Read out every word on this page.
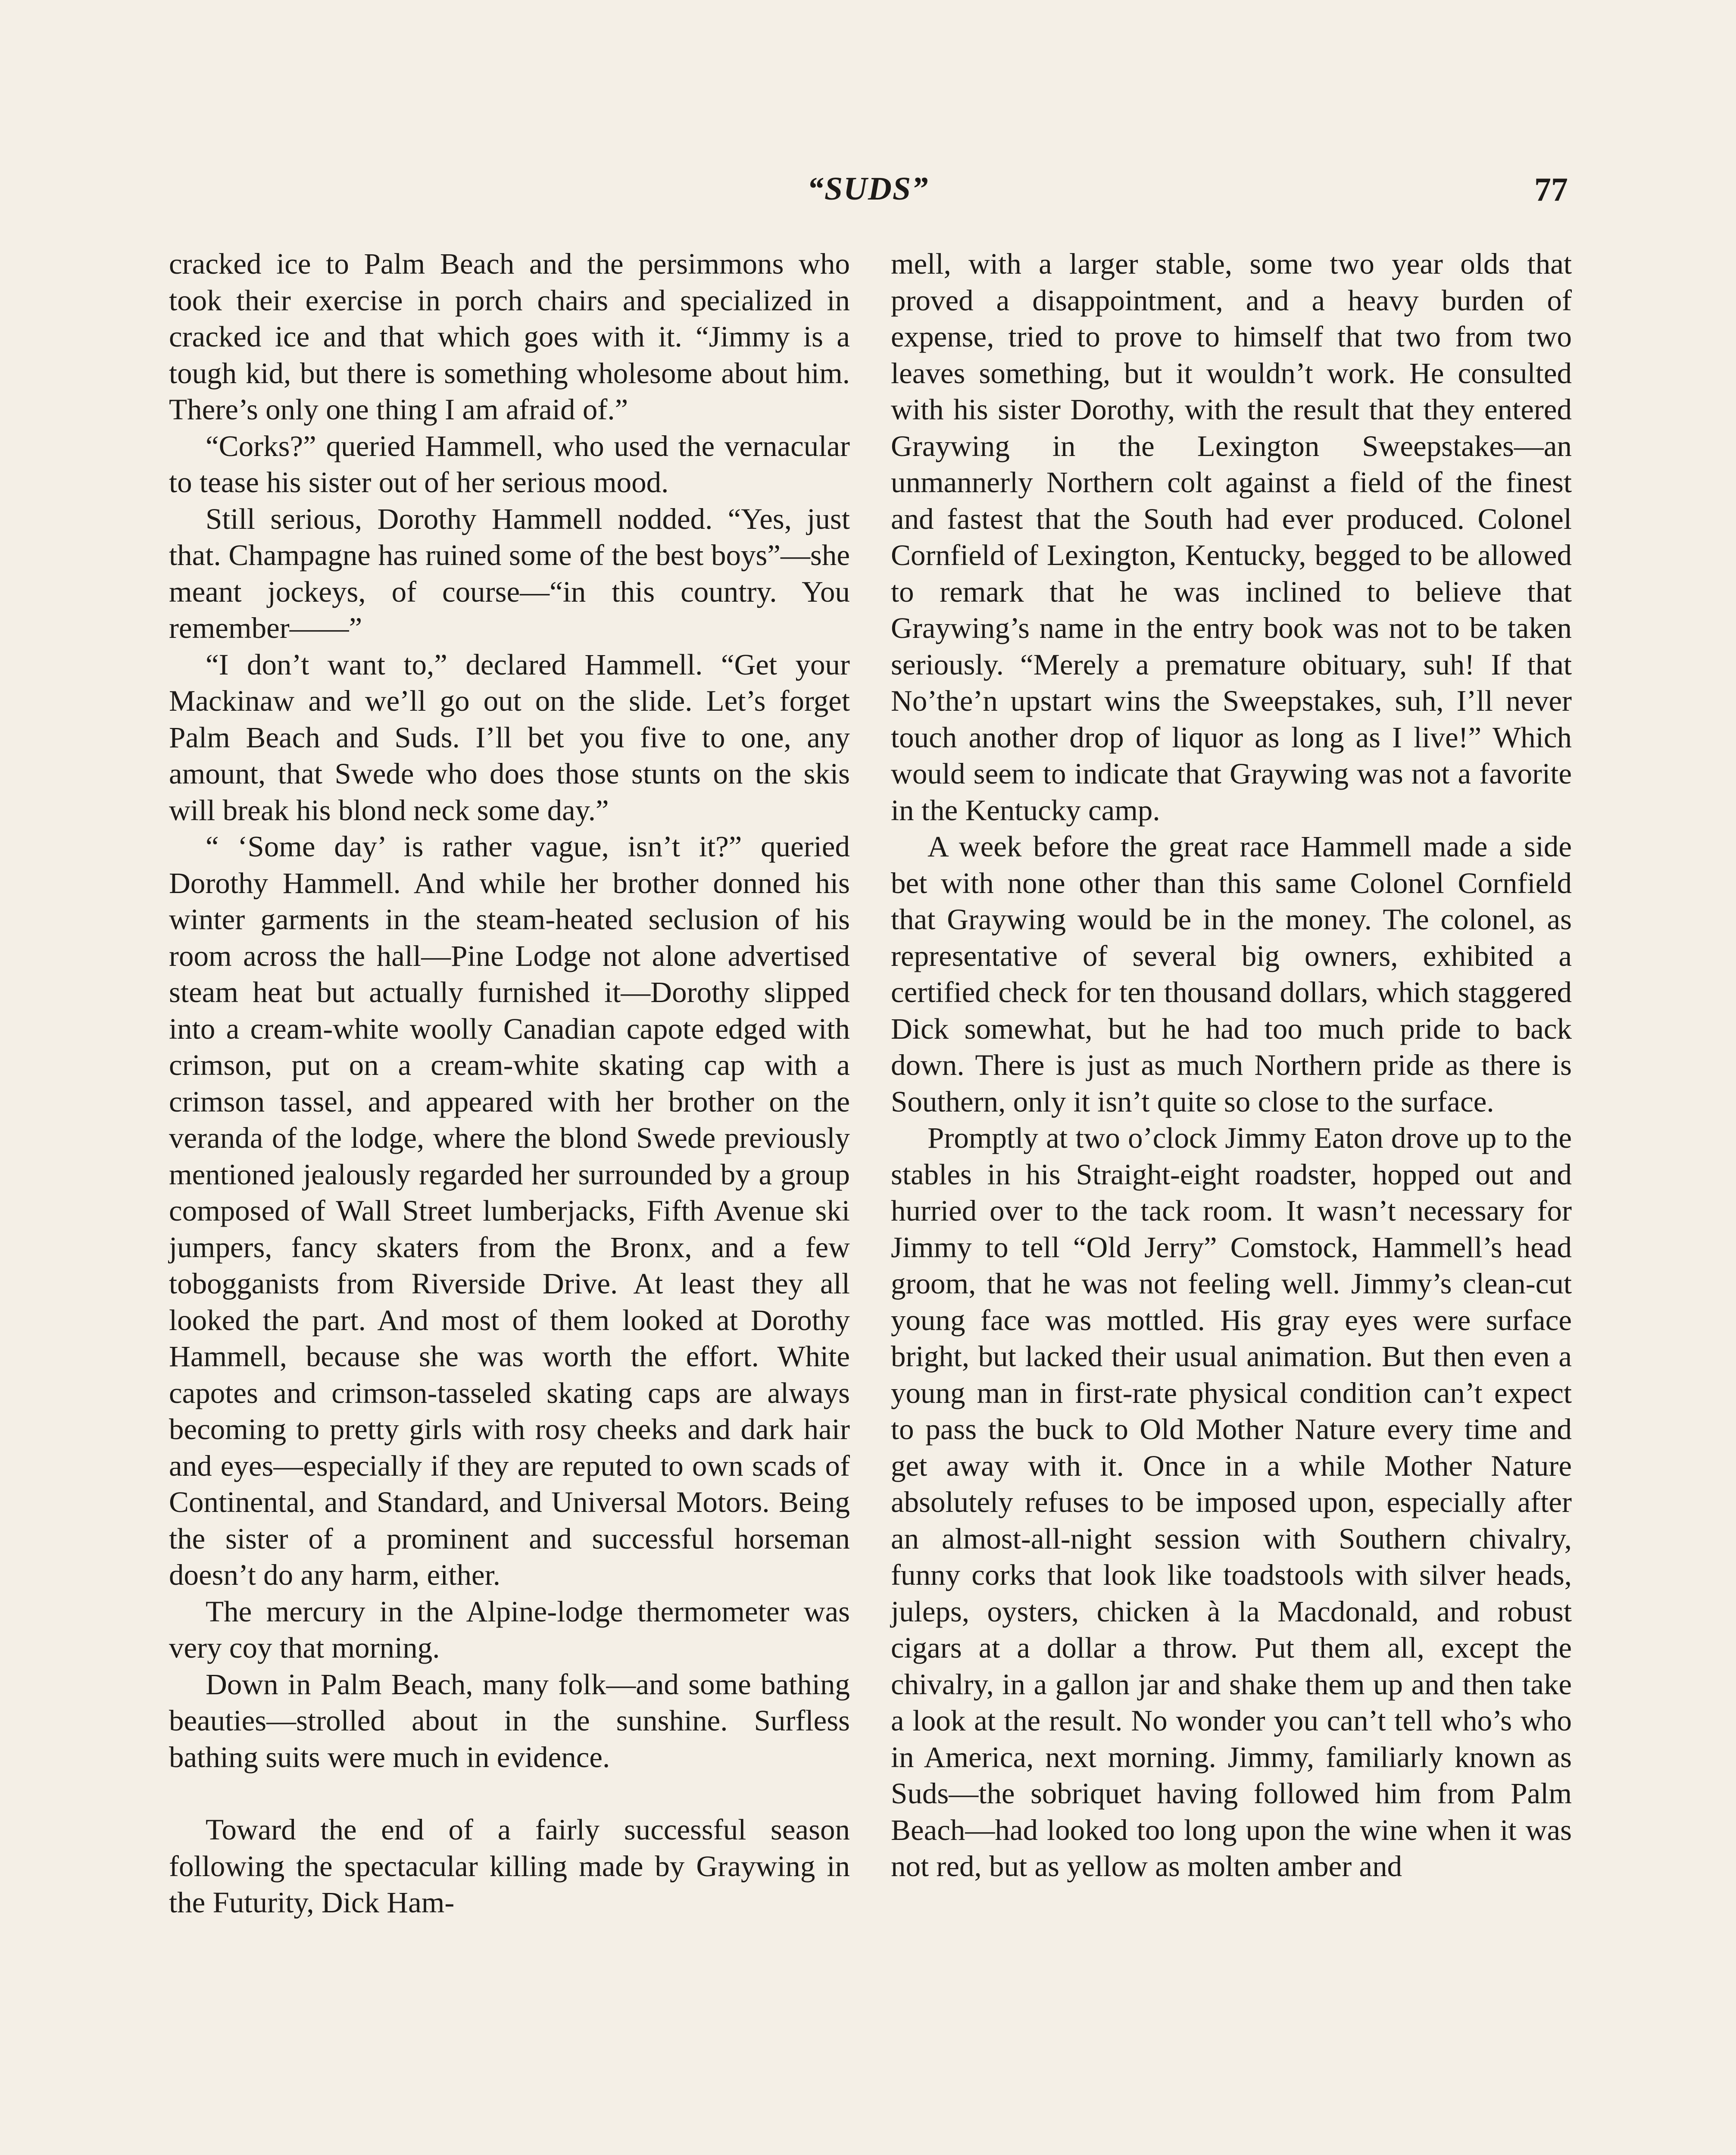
“SUDS”	77

cracked ice to Palm Beach and the persimmons who took their exercise in porch chairs and specialized in cracked ice and that which goes with it. “Jimmy is a tough kid, but there is something wholesome about him. There’s only one thing I am afraid of.”

“Corks?” queried Hammell, who used the vernacular to tease his sister out of her serious mood.

Still serious, Dorothy Hammell nodded. “Yes, just that. Champagne has ruined some of the best boys”—she meant jockeys, of course—“in this country. You remember——”

“I don’t want to,” declared Hammell. “Get your Mackinaw and we’ll go out on the slide. Let’s forget Palm Beach and Suds. I’ll bet you five to one, any amount, that Swede who does those stunts on the skis will break his blond neck some day.”

“ ‘Some day’ is rather vague, isn’t it?” queried Dorothy Hammell. And while her brother donned his winter garments in the steam-heated seclusion of his room across the hall—Pine Lodge not alone advertised steam heat but actually furnished it—Dorothy slipped into a cream-white woolly Canadian capote edged with crimson, put on a cream-white skating cap with a crimson tassel, and appeared with her brother on the veranda of the lodge, where the blond Swede previously mentioned jealously regarded her surrounded by a group composed of Wall Street lumberjacks, Fifth Avenue ski jumpers, fancy skaters from the Bronx, and a few tobogganists from Riverside Drive. At least they all looked the part. And most of them looked at Dorothy Hammell, because she was worth the effort. White capotes and crimson-tasseled skating caps are always becoming to pretty girls with rosy cheeks and dark hair and eyes—especially if they are reputed to own scads of Continental, and Standard, and Universal Motors. Being the sister of a prominent and successful horseman doesn’t do any harm, either.

The mercury in the Alpine-lodge thermometer was very coy that morning.

Down in Palm Beach, many folk—and some bathing beauties—strolled about in the sunshine. Surfless bathing suits were much in evidence.

Toward the end of a fairly successful season following the spectacular killing made by Graywing in the Futurity, Dick Ham-

mell, with a larger stable, some two year olds that proved a disappointment, and a heavy burden of expense, tried to prove to himself that two from two leaves something, but it wouldn’t work. He consulted with his sister Dorothy, with the result that they entered Graywing in the Lexington Sweepstakes—an unmannerly Northern colt against a field of the finest and fastest that the South had ever produced. Colonel Cornfield of Lexington, Kentucky, begged to be allowed to remark that he was inclined to believe that Graywing’s name in the entry book was not to be taken seriously. “Merely a premature obituary, suh! If that No’the’n upstart wins the Sweepstakes, suh, I’ll never touch another drop of liquor as long as I live!” Which would seem to indicate that Graywing was not a favorite in the Kentucky camp.

A week before the great race Hammell made a side bet with none other than this same Colonel Cornfield that Graywing would be in the money. The colonel, as representative of several big owners, exhibited a certified check for ten thousand dollars, which staggered Dick somewhat, but he had too much pride to back down. There is just as much Northern pride as there is Southern, only it isn’t quite so close to the surface.

Promptly at two o’clock Jimmy Eaton drove up to the stables in his Straight-eight roadster, hopped out and hurried over to the tack room. It wasn’t necessary for Jimmy to tell “Old Jerry” Comstock, Hammell’s head groom, that he was not feeling well. Jimmy’s clean-cut young face was mottled. His gray eyes were surface bright, but lacked their usual animation. But then even a young man in first-rate physical condition can’t expect to pass the buck to Old Mother Nature every time and get away with it. Once in a while Mother Nature absolutely refuses to be imposed upon, especially after an almost-all-night session with Southern chivalry, funny corks that look like toadstools with silver heads, juleps, oysters, chicken à la Macdonald, and robust cigars at a dollar a throw. Put them all, except the chivalry, in a gallon jar and shake them up and then take a look at the result. No wonder you can’t tell who’s who in America, next morning. Jimmy, familiarly known as Suds—the sobriquet having followed him from Palm Beach—had looked too long upon the wine when it was not red, but as yellow as molten amber and
